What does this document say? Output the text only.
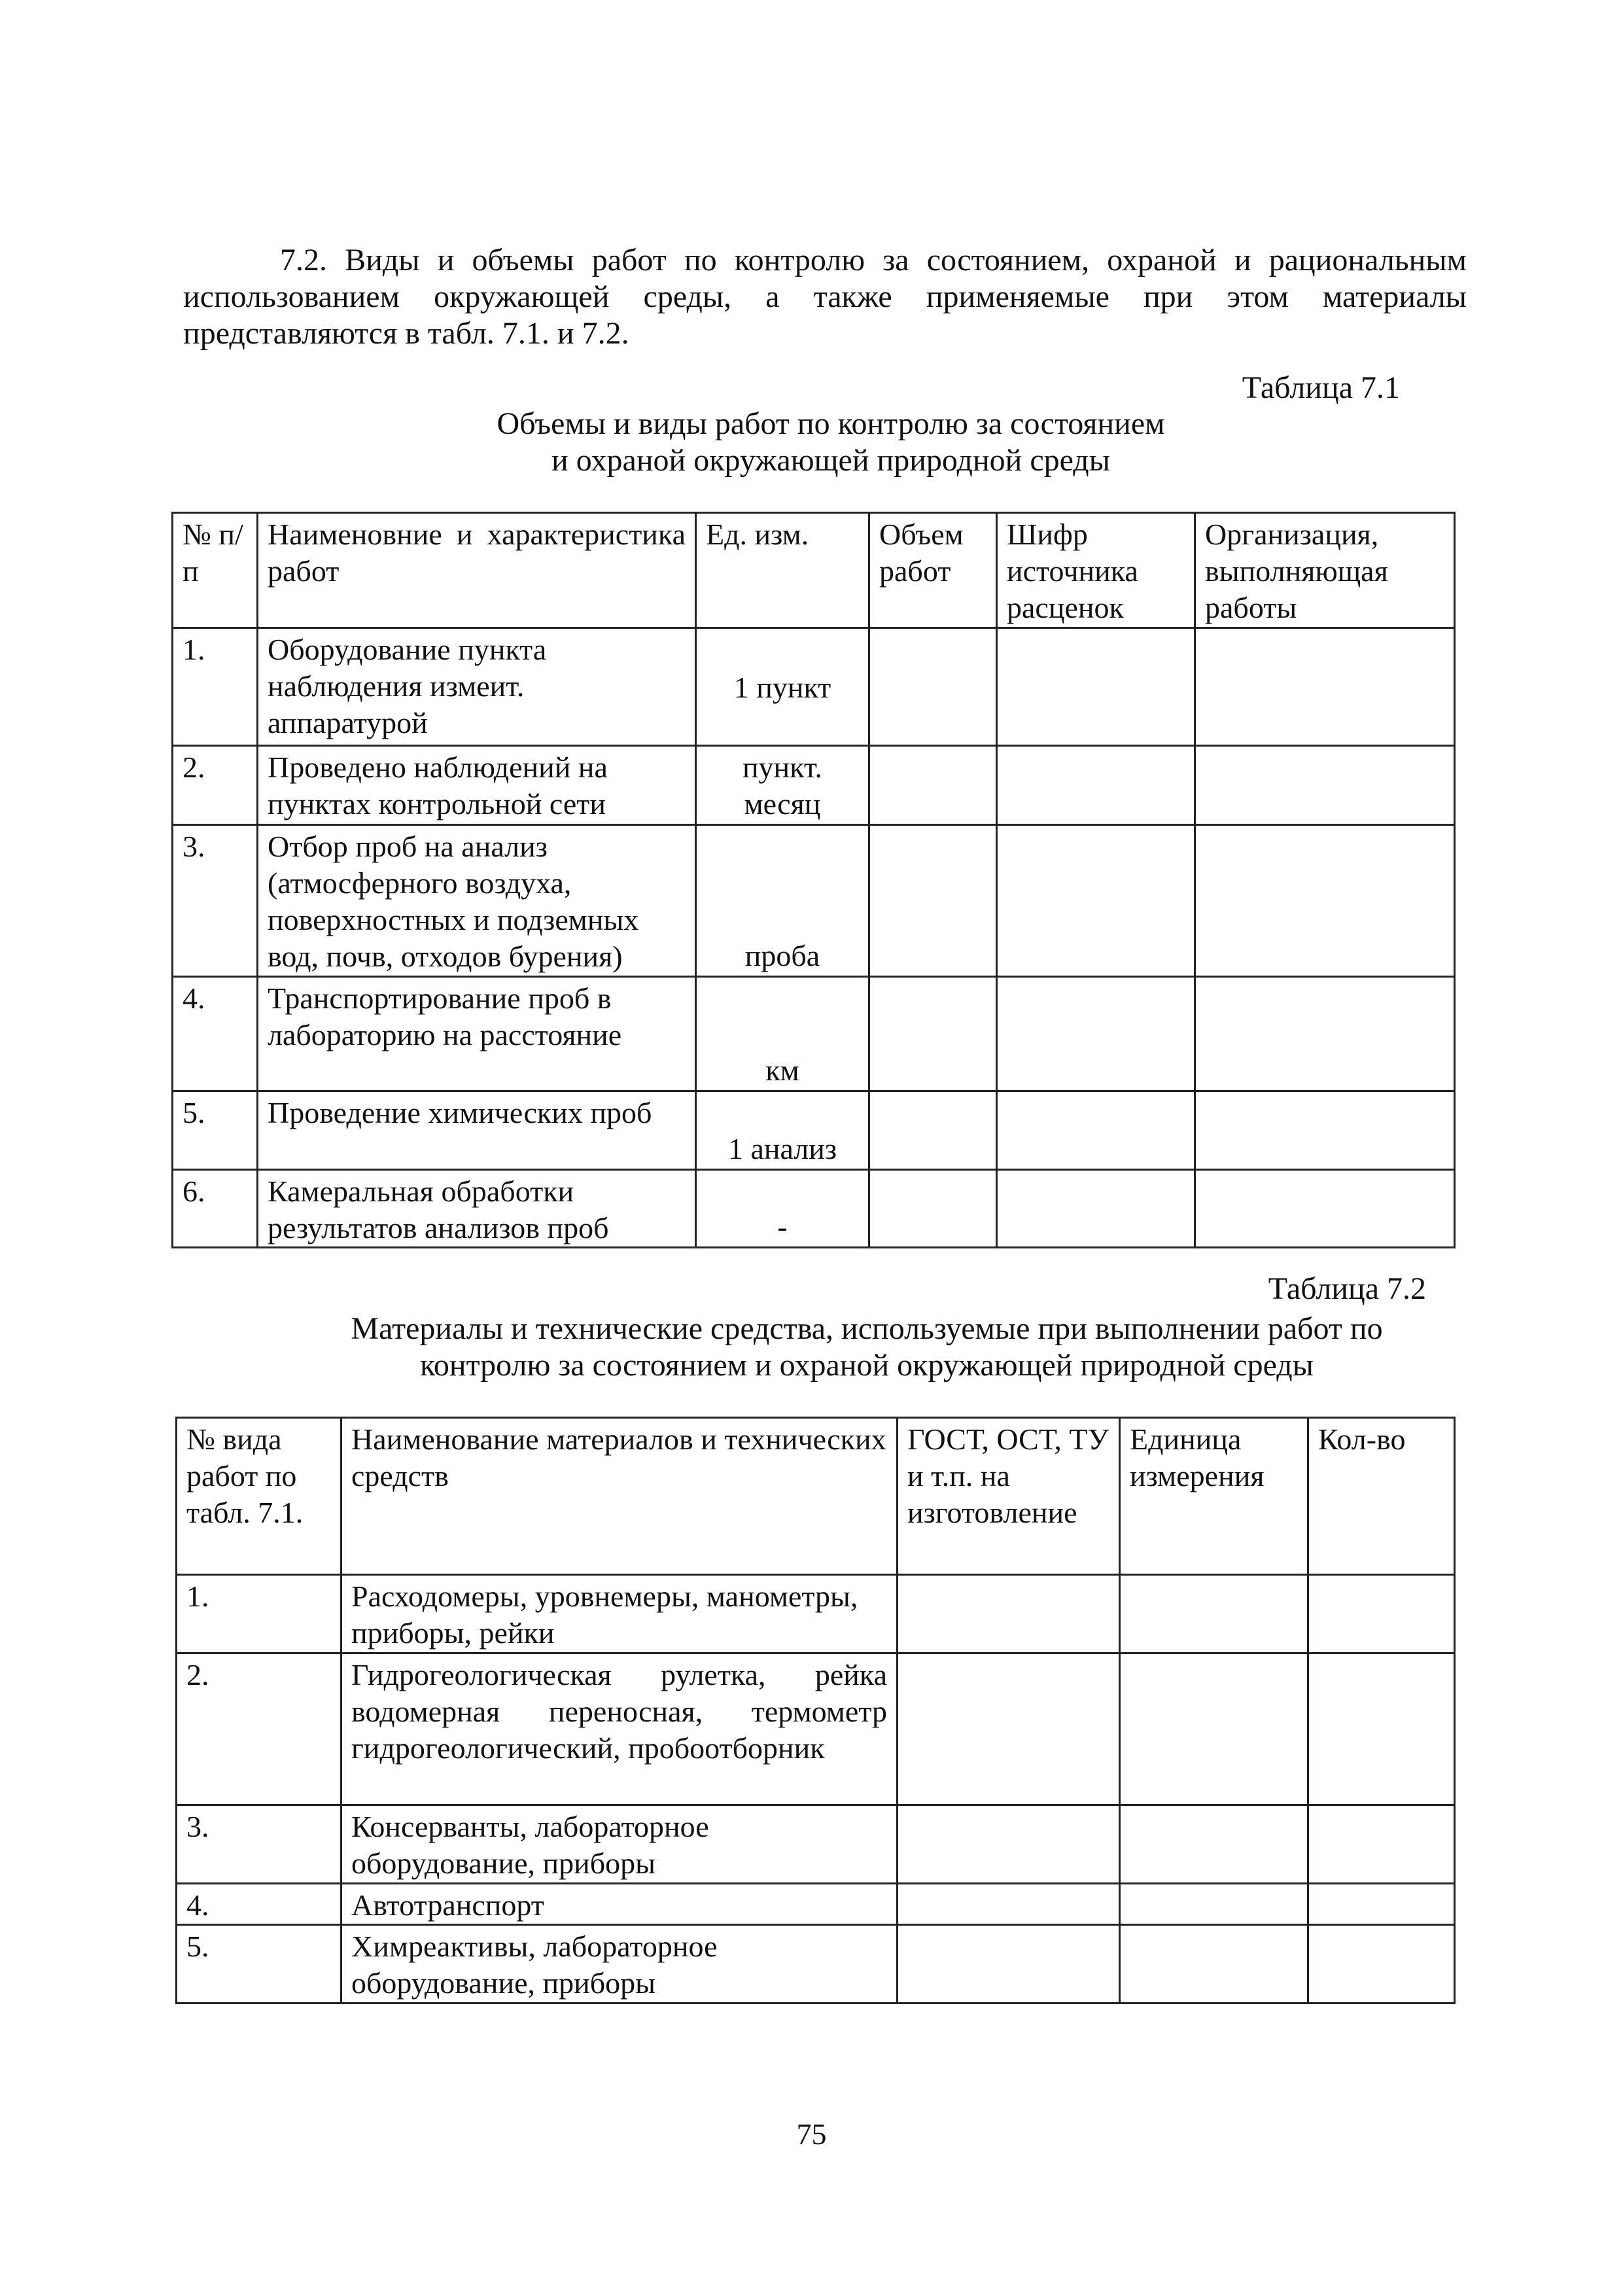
7.2. Виды и объемы работ по контролю за состоянием, охраной и рациональным использованием окружающей среды, а также применяемые при этом материалы представляются в табл. 7.1. и 7.2.

Таблица 7.1
Объемы и виды работ по контролю за состоянием
и охраной окружающей природной среды
№ п/п	Наименовние и характеристика работ	Ед. изм.	Объем работ	Шифр источника расценок	Организация, выполняющая работы
1.	Оборудование пункта наблюдения измеит. аппаратурой	1 пункт			
2.	Проведено наблюдений на пунктах контрольной сети	пункт. месяц			
3.	Отбор проб на анализ (атмосферного воздуха, поверхностных и подземных вод, почв, отходов бурения)	проба			
4.	Транспортирование проб в лабораторию на расстояние	км			
5.	Проведение химических проб	1 анализ			
6.	Камеральная обработки результатов анализов проб	-			
Таблица 7.2
Материалы и технические средства, используемые при выполнении работ по
контролю за состоянием и охраной окружающей природной среды
№ вида работ по табл. 7.1.	Наименование материалов и технических средств	ГОСТ, ОСТ, ТУ и т.п. на изготовление	Единица измерения	Кол-во
1.	Расходомеры, уровнемеры, манометры, приборы, рейки			
2.	Гидрогеологическая рулетка, рейка водомерная переносная, термометр гидрогеологический, пробоотборник			
3.	Консерванты, лабораторное оборудование, приборы			
4.	Автотранспорт			
5.	Химреактивы, лабораторное оборудование, приборы			
75
